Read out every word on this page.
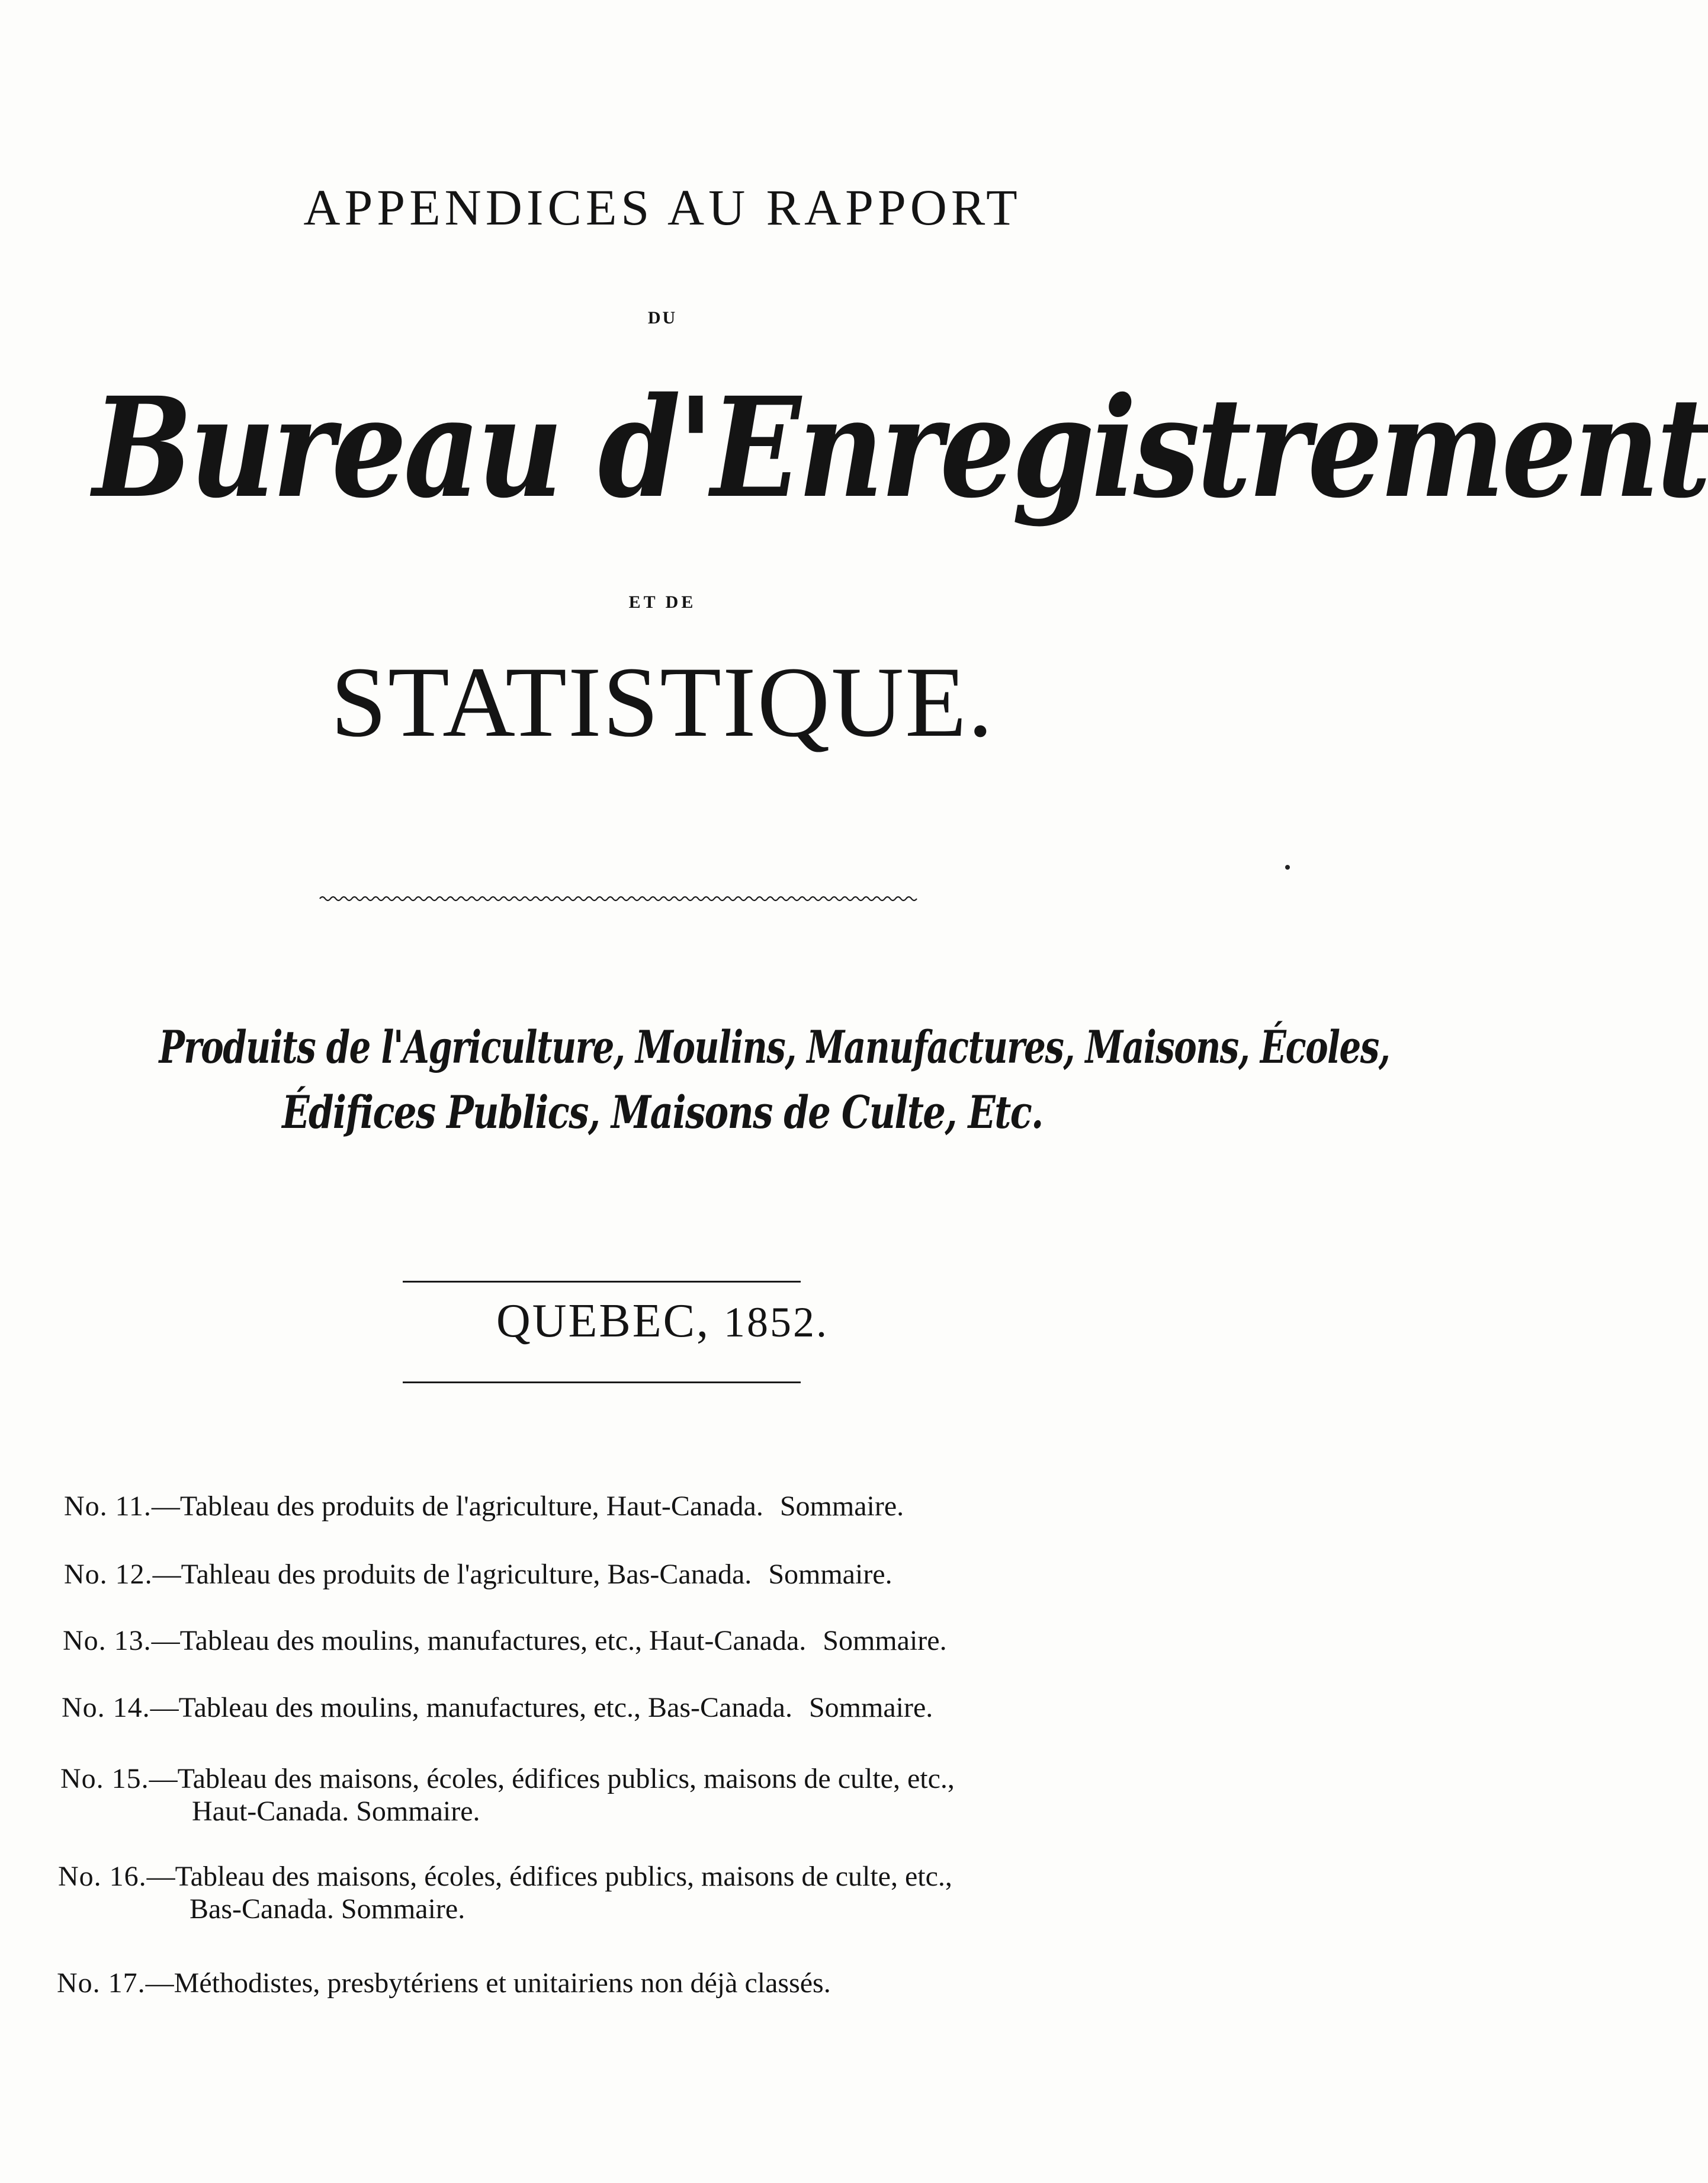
APPENDICES AU RAPPORT
DU
Bureau d'Enregistrement
ET DE
STATISTIQUE.
Produits de l'Agriculture, Moulins, Manufactures, Maisons, Écoles,
Édifices Publics, Maisons de Culte, Etc.
QUEBEC, 1852.
No. 11.—Tableau des produits de l'agriculture, Haut-Canada. Sommaire.
No. 12.—Tahleau des produits de l'agriculture, Bas-Canada. Sommaire.
No. 13.—Tableau des moulins, manufactures, etc., Haut-Canada. Sommaire.
No. 14.—Tableau des moulins, manufactures, etc., Bas-Canada. Sommaire.
No. 15.—Tableau des maisons, écoles, édifices publics, maisons de culte, etc.,
Haut-Canada. Sommaire.
No. 16.—Tableau des maisons, écoles, édifices publics, maisons de culte, etc.,
Bas-Canada. Sommaire.
No. 17.—Méthodistes, presbytériens et unitairiens non déjà classés.
